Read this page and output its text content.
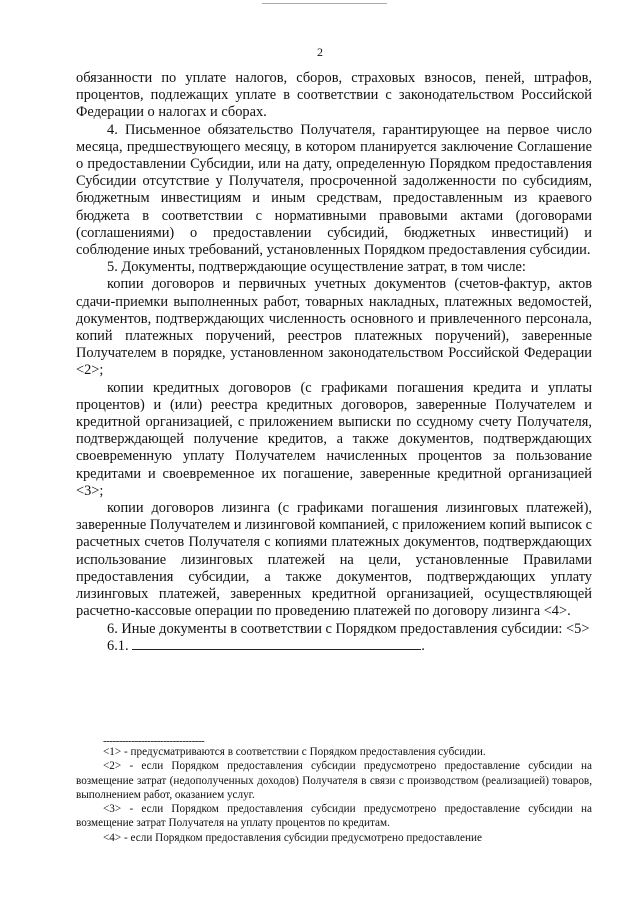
2

обязанности по уплате налогов, сборов, страховых взносов, пеней, штрафов, процентов, подлежащих уплате в соответствии с законодательством Российской Федерации о налогах и сборах.

4. Письменное обязательство Получателя, гарантирующее на первое число месяца, предшествующего месяцу, в котором планируется заключение Соглашение о предоставлении Субсидии, или на дату, определенную Порядком предоставления Субсидии отсутствие у Получателя, просроченной задолженности по субсидиям, бюджетным инвестициям и иным средствам, предоставленным из краевого бюджета в соответствии с нормативными правовыми актами (договорами (соглашениями) о предоставлении субсидий, бюджетных инвестиций) и соблюдение иных требований, установленных Порядком предоставления субсидии.

5. Документы, подтверждающие осуществление затрат, в том числе:

копии договоров и первичных учетных документов (счетов-фактур, актов сдачи-приемки выполненных работ, товарных накладных, платежных ведомостей, документов, подтверждающих численность основного и привлеченного персонала, копий платежных поручений, реестров платежных поручений), заверенные Получателем в порядке, установленном законодательством Российской Федерации <2>;

копии кредитных договоров (с графиками погашения кредита и уплаты процентов) и (или) реестра кредитных договоров, заверенные Получателем и кредитной организацией, с приложением выписки по ссудному счету Получателя, подтверждающей получение кредитов, а также документов, подтверждающих своевременную уплату Получателем начисленных процентов за пользование кредитами и своевременное их погашение, заверенные кредитной организацией <3>;

копии договоров лизинга (с графиками погашения лизинговых платежей), заверенные Получателем и лизинговой компанией, с приложением копий выписок с расчетных счетов Получателя с копиями платежных документов, подтверждающих использование лизинговых платежей на цели, установленные Правилами предоставления субсидии, а также документов, подтверждающих уплату лизинговых платежей, заверенных кредитной организацией, осуществляющей расчетно-кассовые операции по проведению платежей по договору лизинга <4>.

6. Иные документы в соответствии с Порядком предоставления субсидии: <5>

6.1.	.

--------------------------------

<1> - предусматриваются в соответствии с Порядком предоставления субсидии.

<2> - если Порядком предоставления субсидии предусмотрено предоставление субсидии на возмещение затрат (недополученных доходов) Получателя в связи с производством (реализацией) товаров, выполнением работ, оказанием услуг.

<3> - если Порядком предоставления субсидии предусмотрено предоставление субсидии на возмещение затрат Получателя на уплату процентов по кредитам.

<4> - если Порядком предоставления субсидии предусмотрено предоставление
